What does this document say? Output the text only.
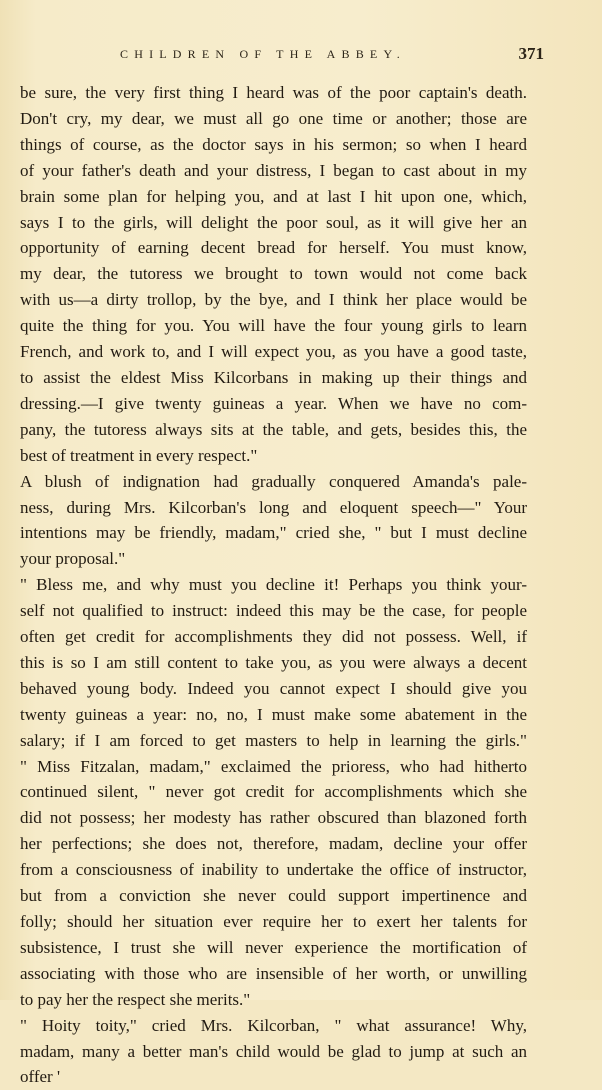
CHILDREN OF THE ABBEY.	371
be sure, the very first thing I heard was of the poor captain's death.
Don't cry, my dear, we must all go one time or another; those are
things of course, as the doctor says in his sermon; so when I heard
of your father's death and your distress, I began to cast about in my
brain some plan for helping you, and at last I hit upon one, which,
says I to the girls, will delight the poor soul, as it will give her an
opportunity of earning decent bread for herself. You must know,
my dear, the tutoress we brought to town would not come back
with us—a dirty trollop, by the bye, and I think her place would be
quite the thing for you. You will have the four young girls to learn
French, and work to, and I will expect you, as you have a good taste,
to assist the eldest Miss Kilcorbans in making up their things and
dressing.—I give twenty guineas a year. When we have no com-
pany, the tutoress always sits at the table, and gets, besides this, the
best of treatment in every respect."
A blush of indignation had gradually conquered Amanda's pale-
ness, during Mrs. Kilcorban's long and eloquent speech—" Your
intentions may be friendly, madam," cried she, " but I must decline
your proposal."
" Bless me, and why must you decline it! Perhaps you think your-
self not qualified to instruct: indeed this may be the case, for people
often get credit for accomplishments they did not possess. Well, if
this is so I am still content to take you, as you were always a decent
behaved young body. Indeed you cannot expect I should give you
twenty guineas a year: no, no, I must make some abatement in the
salary; if I am forced to get masters to help in learning the girls."
" Miss Fitzalan, madam," exclaimed the prioress, who had hitherto
continued silent, " never got credit for accomplishments which she
did not possess; her modesty has rather obscured than blazoned forth
her perfections; she does not, therefore, madam, decline your offer
from a consciousness of inability to undertake the office of instructor,
but from a conviction she never could support impertinence and
folly; should her situation ever require her to exert her talents for
subsistence, I trust she will never experience the mortification of
associating with those who are insensible of her worth, or unwilling
to pay her the respect she merits."
" Hoity toity," cried Mrs. Kilcorban, " what assurance! Why,
madam, many a better man's child would be glad to jump at such an
offer '
